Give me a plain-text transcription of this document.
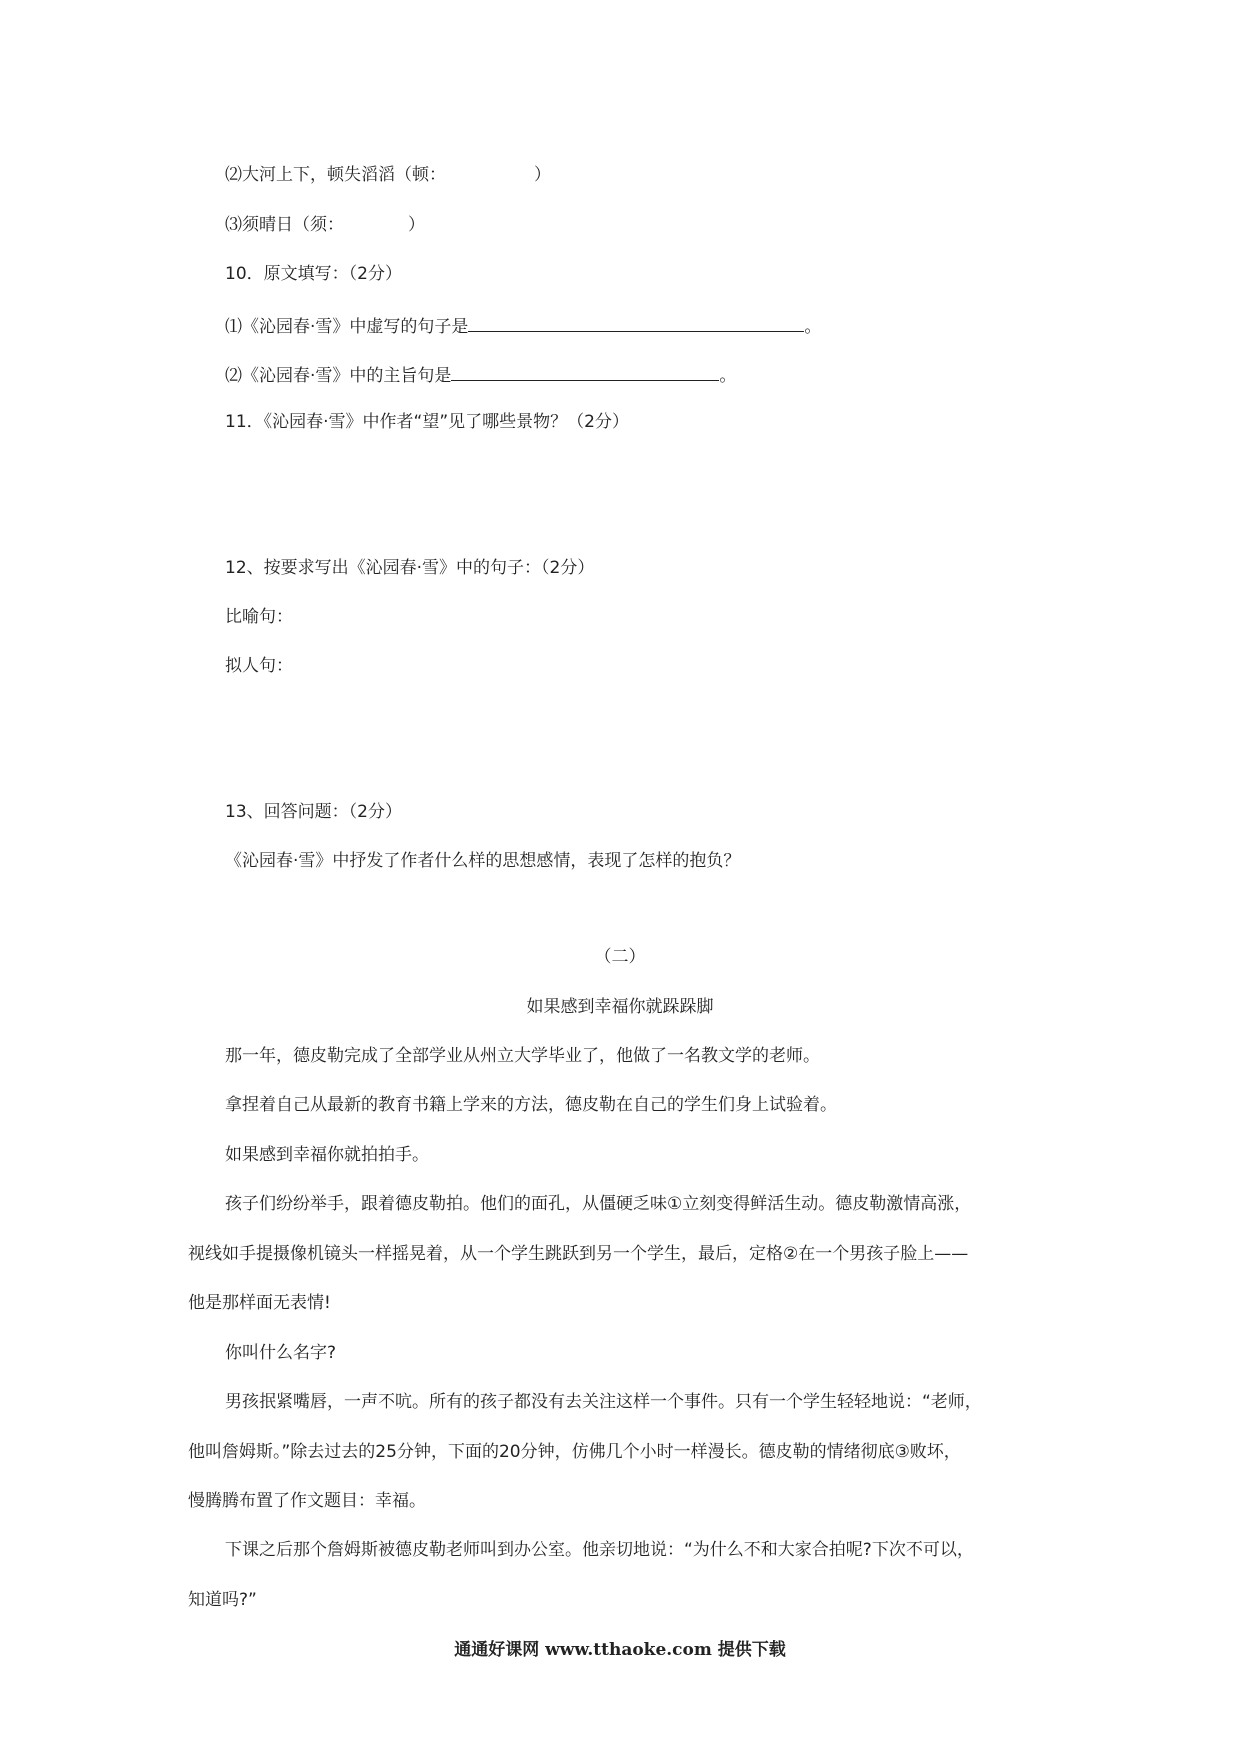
⑵大河上下，顿失滔滔（顿：	）
⑶须晴日（须：	）
10．原文填写：（2分）
⑴《沁园春·雪》中虚写的句子是	。
⑵《沁园春·雪》中的主旨句是	。
11．《沁园春·雪》中作者“望”见了哪些景物？（2分）
12、按要求写出《沁园春·雪》中的句子：（2分）
比喻句：
拟人句：
13、回答问题：（2分）
《沁园春·雪》中抒发了作者什么样的思想感情，表现了怎样的抱负？
（二）
如果感到幸福你就跺跺脚
那一年，德皮勒完成了全部学业从州立大学毕业了，他做了一名教文学的老师。
拿捏着自己从最新的教育书籍上学来的方法，德皮勒在自己的学生们身上试验着。
如果感到幸福你就拍拍手。
孩子们纷纷举手，跟着德皮勒拍。他们的面孔，从僵硬乏味①立刻变得鲜活生动。德皮勒激情高涨，
视线如手提摄像机镜头一样摇晃着，从一个学生跳跃到另一个学生，最后，定格②在一个男孩子脸上——
他是那样面无表情!
你叫什么名字?
男孩抿紧嘴唇，一声不吭。所有的孩子都没有去关注这样一个事件。只有一个学生轻轻地说：“老师，
他叫詹姆斯。”除去过去的25分钟，下面的20分钟，仿佛几个小时一样漫长。德皮勒的情绪彻底③败坏，
慢腾腾布置了作文题目：幸福。
下课之后那个詹姆斯被德皮勒老师叫到办公室。他亲切地说：“为什么不和大家合拍呢?下次不可以，
知道吗?”
通通好课网 www.tthaoke.com 提供下载
